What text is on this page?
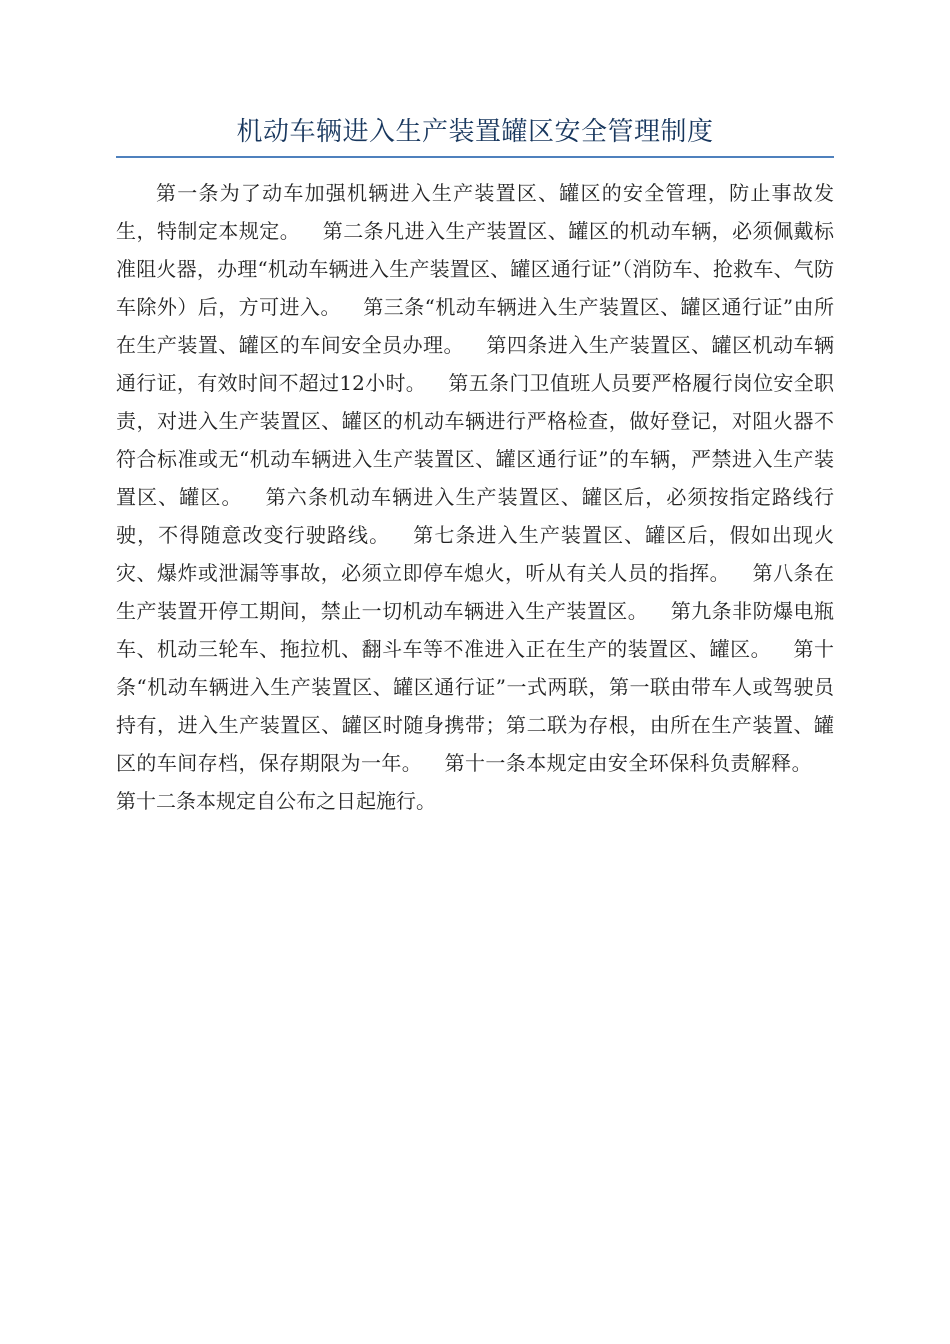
机动车辆进入生产装置罐区安全管理制度

第一条为了动车加强机辆进入生产装置区、罐区的安全管理，防止事故发生，特制定本规定。 第二条凡进入生产装置区、罐区的机动车辆，必须佩戴标准阻火器，办理“机动车辆进入生产装置区、罐区通行证”（消防车、抢救车、气防车除外）后，方可进入。 第三条“机动车辆进入生产装置区、罐区通行证”由所在生产装置、罐区的车间安全员办理。 第四条进入生产装置区、罐区机动车辆通行证，有效时间不超过12小时。 第五条门卫值班人员要严格履行岗位安全职责，对进入生产装置区、罐区的机动车辆进行严格检查，做好登记，对阻火器不符合标准或无“机动车辆进入生产装置区、罐区通行证”的车辆，严禁进入生产装置区、罐区。 第六条机动车辆进入生产装置区、罐区后，必须按指定路线行驶，不得随意改变行驶路线。 第七条进入生产装置区、罐区后，假如出现火灾、爆炸或泄漏等事故，必须立即停车熄火，听从有关人员的指挥。 第八条在生产装置开停工期间，禁止一切机动车辆进入生产装置区。 第九条非防爆电瓶车、机动三轮车、拖拉机、翻斗车等不准进入正在生产的装置区、罐区。 第十条“机动车辆进入生产装置区、罐区通行证”一式两联，第一联由带车人或驾驶员持有，进入生产装置区、罐区时随身携带；第二联为存根，由所在生产装置、罐区的车间存档，保存期限为一年。 第十一条本规定由安全环保科负责解释。第十二条本规定自公布之日起施行。
